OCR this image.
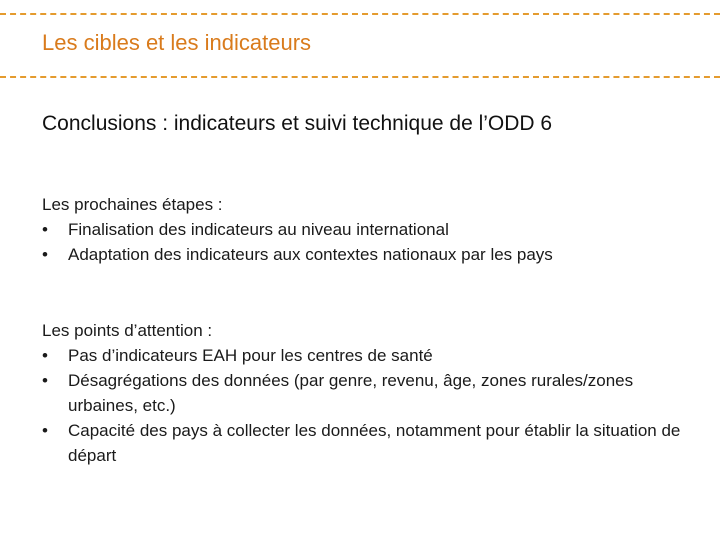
Les cibles et les indicateurs
Conclusions : indicateurs et suivi technique de l’ODD 6
Les prochaines étapes :
•	Finalisation des indicateurs au niveau international
•	Adaptation des indicateurs aux contextes nationaux par les pays
Les points d’attention :
•	Pas d’indicateurs EAH pour les centres de santé
•	Désagrégations des données (par genre, revenu, âge, zones rurales/zones urbaines, etc.)
•	Capacité des pays à collecter les données, notamment pour établir la situation de départ
